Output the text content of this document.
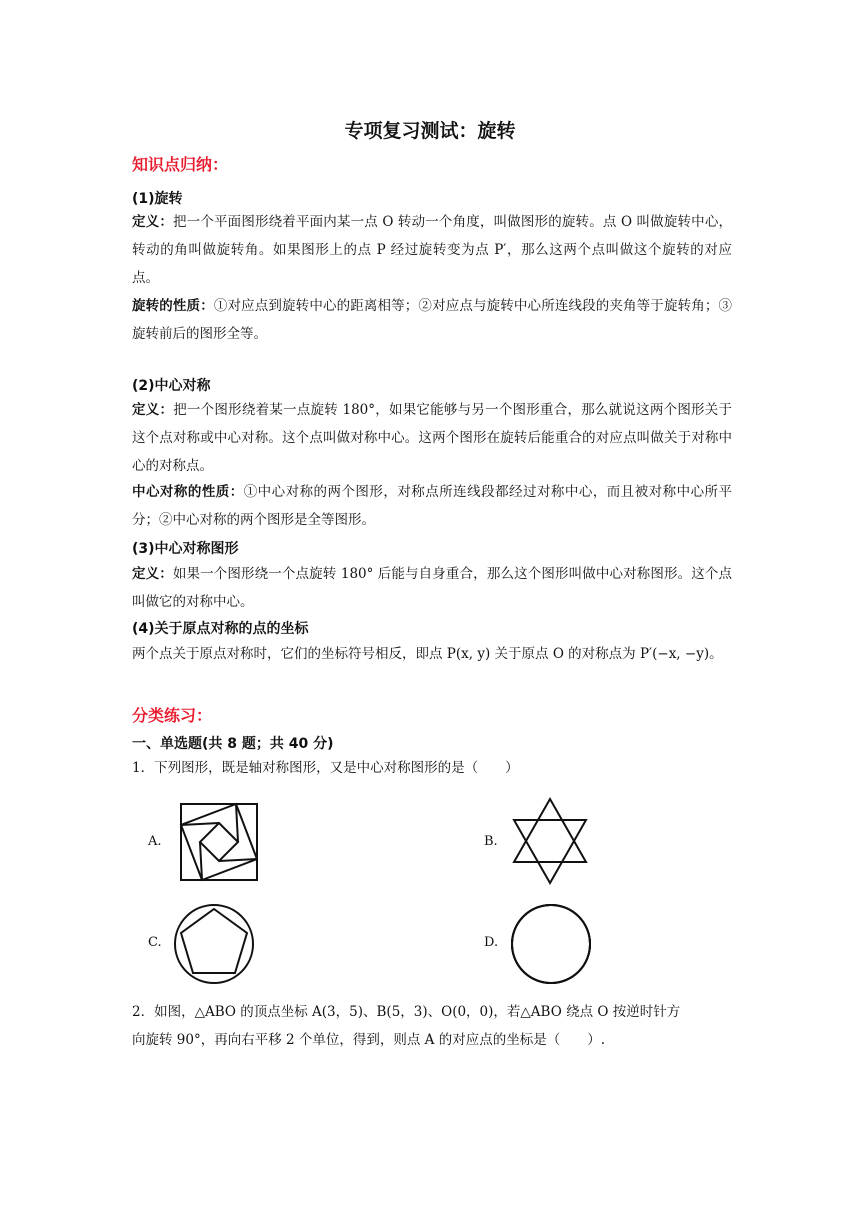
专项复习测试：旋转
知识点归纳：
(1)旋转
定义：把一个平面图形绕着平面内某一点 O 转动一个角度，叫做图形的旋转。点 O 叫做旋转中心，转动的角叫做旋转角。如果图形上的点 P 经过旋转变为点 P′，那么这两个点叫做这个旋转的对应点。
旋转的性质：①对应点到旋转中心的距离相等；②对应点与旋转中心所连线段的夹角等于旋转角；③旋转前后的图形全等。
(2)中心对称
定义：把一个图形绕着某一点旋转 180°，如果它能够与另一个图形重合，那么就说这两个图形关于这个点对称或中心对称。这个点叫做对称中心。这两个图形在旋转后能重合的对应点叫做关于对称中心的对称点。
中心对称的性质：①中心对称的两个图形，对称点所连线段都经过对称中心，而且被对称中心所平分；②中心对称的两个图形是全等图形。
(3)中心对称图形
定义：如果一个图形绕一个点旋转 180° 后能与自身重合，那么这个图形叫做中心对称图形。这个点叫做它的对称中心。
(4)关于原点对称的点的坐标
两个点关于原点对称时，它们的坐标符号相反，即点 P(x, y) 关于原点 O 的对称点为 P′(−x, −y)。
分类练习：
一、单选题(共 8 题；共 40 分)
1．下列图形，既是轴对称图形，又是中心对称图形的是（　　）
A.	B.
C.	D.
2．如图，△ABO 的顶点坐标 A(3，5)、B(5，3)、O(0，0)，若△ABO 绕点 O 按逆时针方
向旋转 90°，再向右平移 2 个单位，得到，则点 A 的对应点的坐标是（　　）.
